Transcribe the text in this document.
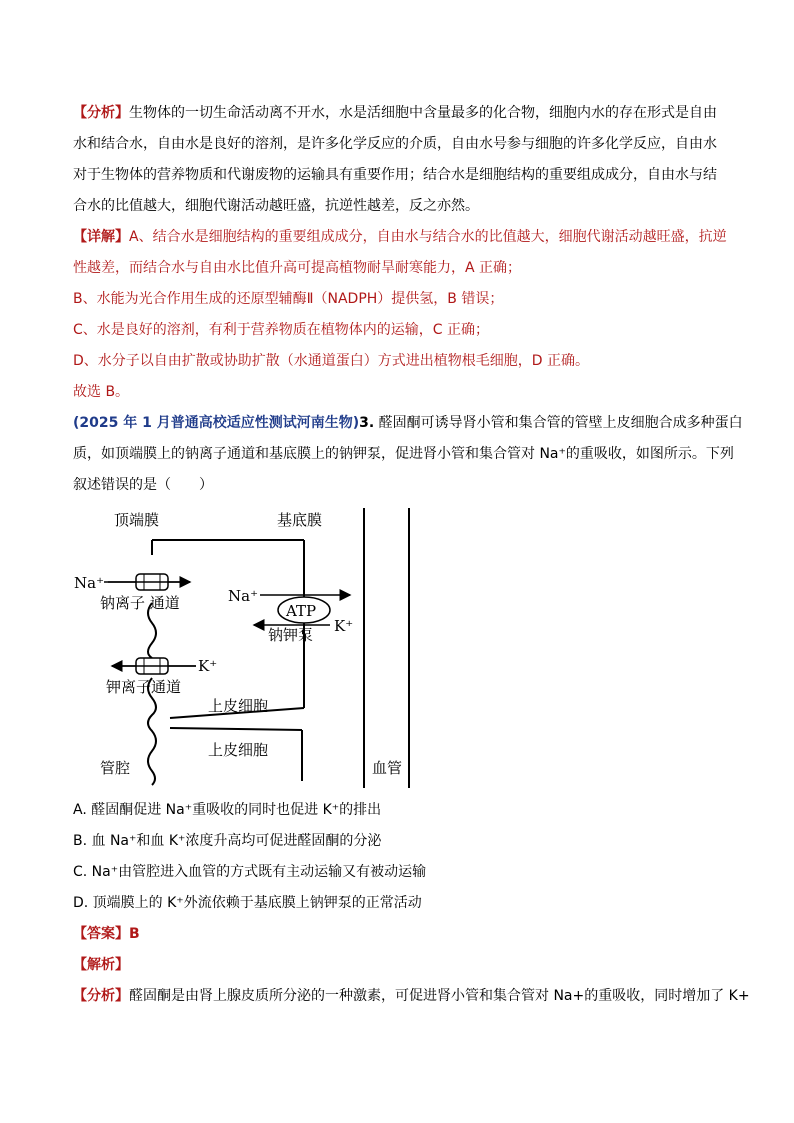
【分析】生物体的一切生命活动离不开水，水是活细胞中含量最多的化合物，细胞内水的存在形式是自由
水和结合水，自由水是良好的溶剂，是许多化学反应的介质，自由水号参与细胞的许多化学反应，自由水
对于生物体的营养物质和代谢废物的运输具有重要作用；结合水是细胞结构的重要组成成分，自由水与结
合水的比值越大，细胞代谢活动越旺盛，抗逆性越差，反之亦然。
【详解】A、结合水是细胞结构的重要组成成分，自由水与结合水的比值越大，细胞代谢活动越旺盛，抗逆
性越差，而结合水与自由水比值升高可提高植物耐旱耐寒能力，A 正确；
B、水能为光合作用生成的还原型辅酶Ⅱ（NADPH）提供氢，B 错误；
C、水是良好的溶剂，有利于营养物质在植物体内的运输，C 正确；
D、水分子以自由扩散或协助扩散（水通道蛋白）方式进出植物根毛细胞，D 正确。
故选 B。
(2025 年 1 月普通高校适应性测试河南生物)3. 醛固酮可诱导肾小管和集合管的管壁上皮细胞合成多种蛋白
质，如顶端膜上的钠离子通道和基底膜上的钠钾泵，促进肾小管和集合管对 Na⁺的重吸收，如图所示。下列
叙述错误的是（　　）
顶端膜	基底膜
血管
Na⁺
钠离子 通道	Na⁺
ATP
K⁺
钠钾泵
K⁺
钾离子通道
上皮细胞
上皮细胞
管腔
A. 醛固酮促进 Na⁺重吸收的同时也促进 K⁺的排出
B. 血 Na⁺和血 K⁺浓度升高均可促进醛固酮的分泌
C. Na⁺由管腔进入血管的方式既有主动运输又有被动运输
D. 顶端膜上的 K⁺外流依赖于基底膜上钠钾泵的正常活动
【答案】B
【解析】
【分析】醛固酮是由肾上腺皮质所分泌的一种激素，可促进肾小管和集合管对 Na+的重吸收，同时增加了 K+
